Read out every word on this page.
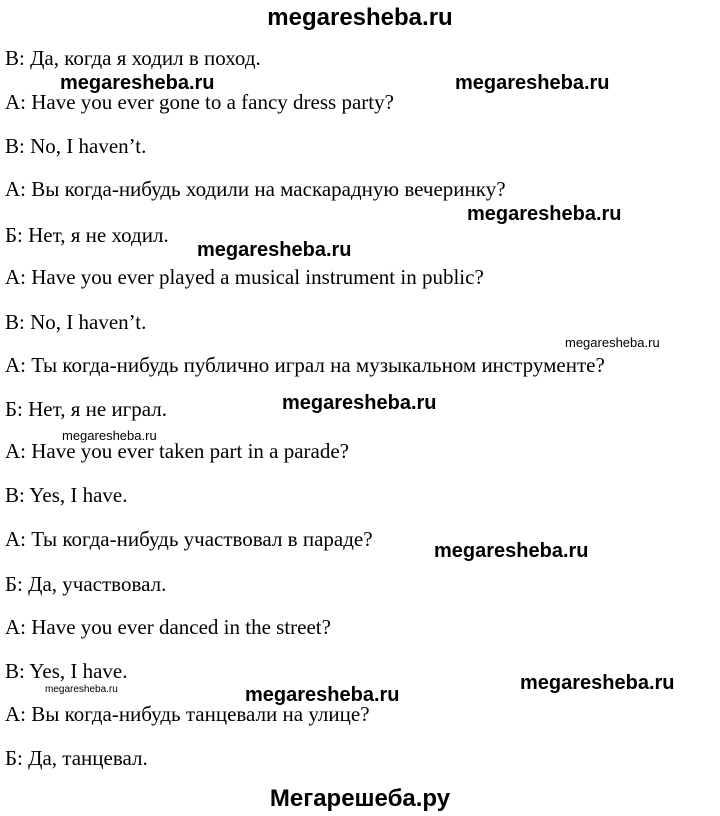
megaresheba.ru
B: Да, когда я ходил в поход.
A: Have you ever gone to a fancy dress party?
B: No, I haven’t.
A: Вы когда-нибудь ходили на маскарадную вечеринку?
Б: Нет, я не ходил.
A: Have you ever played a musical instrument in public?
B: No, I haven’t.
A: Ты когда-нибудь публично играл на музыкальном инструменте?
Б: Нет, я не играл.
A: Have you ever taken part in a parade?
B: Yes, I have.
A: Ты когда-нибудь участвовал в параде?
Б: Да, участвовал.
A: Have you ever danced in the street?
B: Yes, I have.
A: Вы когда-нибудь танцевали на улице?
Б: Да, танцевал.
megaresheba.ru	megaresheba.ru
megaresheba.ru
megaresheba.ru
megaresheba.ru
megaresheba.ru
megaresheba.ru
megaresheba.ru
megaresheba.ru
megaresheba.ru	megaresheba.ru
Мегарешеба.ру
